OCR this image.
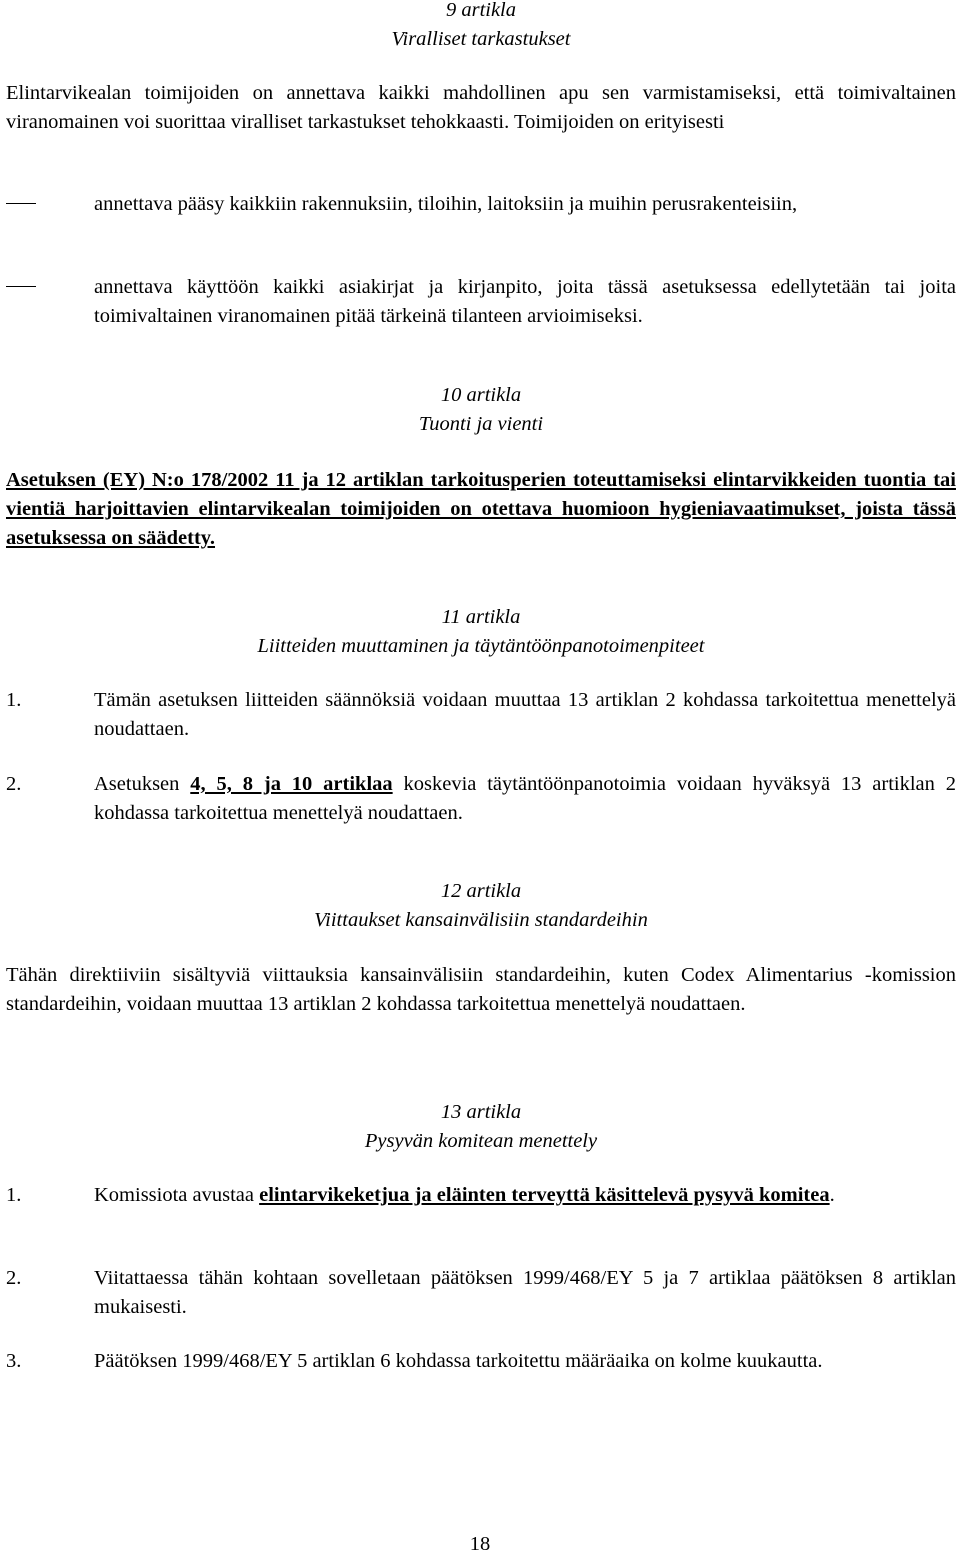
9 artikla
Viralliset tarkastukset

Elintarvikealan toimijoiden on annettava kaikki mahdollinen apu sen varmistamiseksi, että toimivaltainen viranomainen voi suorittaa viralliset tarkastukset tehokkaasti. Toimijoiden on erityisesti

annettava pääsy kaikkiin rakennuksiin, tiloihin, laitoksiin ja muihin perusrakenteisiin,
annettava käyttöön kaikki asiakirjat ja kirjanpito, joita tässä asetuksessa edellytetään tai joita toimivaltainen viranomainen pitää tärkeinä tilanteen arvioimiseksi.
10 artikla
Tuonti ja vienti

Asetuksen (EY) N:o 178/2002 11 ja 12 artiklan tarkoitusperien toteuttamiseksi elintarvikkeiden tuontia tai vientiä harjoittavien elintarvikealan toimijoiden on otettava huomioon hygieniavaatimukset, joista tässä asetuksessa on säädetty.

11 artikla
Liitteiden muuttaminen ja täytäntöönpanotoimenpiteet
1.	Tämän asetuksen liitteiden säännöksiä voidaan muuttaa 13 artiklan 2 kohdassa tarkoitettua menettelyä noudattaen.
2.	Asetuksen 4, 5, 8 ja 10 artiklaa koskevia täytäntöönpanotoimia voidaan hyväksyä 13 artiklan 2 kohdassa tarkoitettua menettelyä noudattaen.
12 artikla
Viittaukset kansainvälisiin standardeihin

Tähän direktiiviin sisältyviä viittauksia kansainvälisiin standardeihin, kuten Codex Alimentarius -komission standardeihin, voidaan muuttaa 13 artiklan 2 kohdassa tarkoitettua menettelyä noudattaen.

13 artikla
Pysyvän komitean menettely
1.	Komissiota avustaa elintarvikeketjua ja eläinten terveyttä käsittelevä pysyvä komitea.
2.	Viitattaessa tähän kohtaan sovelletaan päätöksen 1999/468/EY 5 ja 7 artiklaa päätöksen 8 artiklan mukaisesti.
3.	Päätöksen 1999/468/EY 5 artiklan 6 kohdassa tarkoitettu määräaika on kolme kuukautta.
18
